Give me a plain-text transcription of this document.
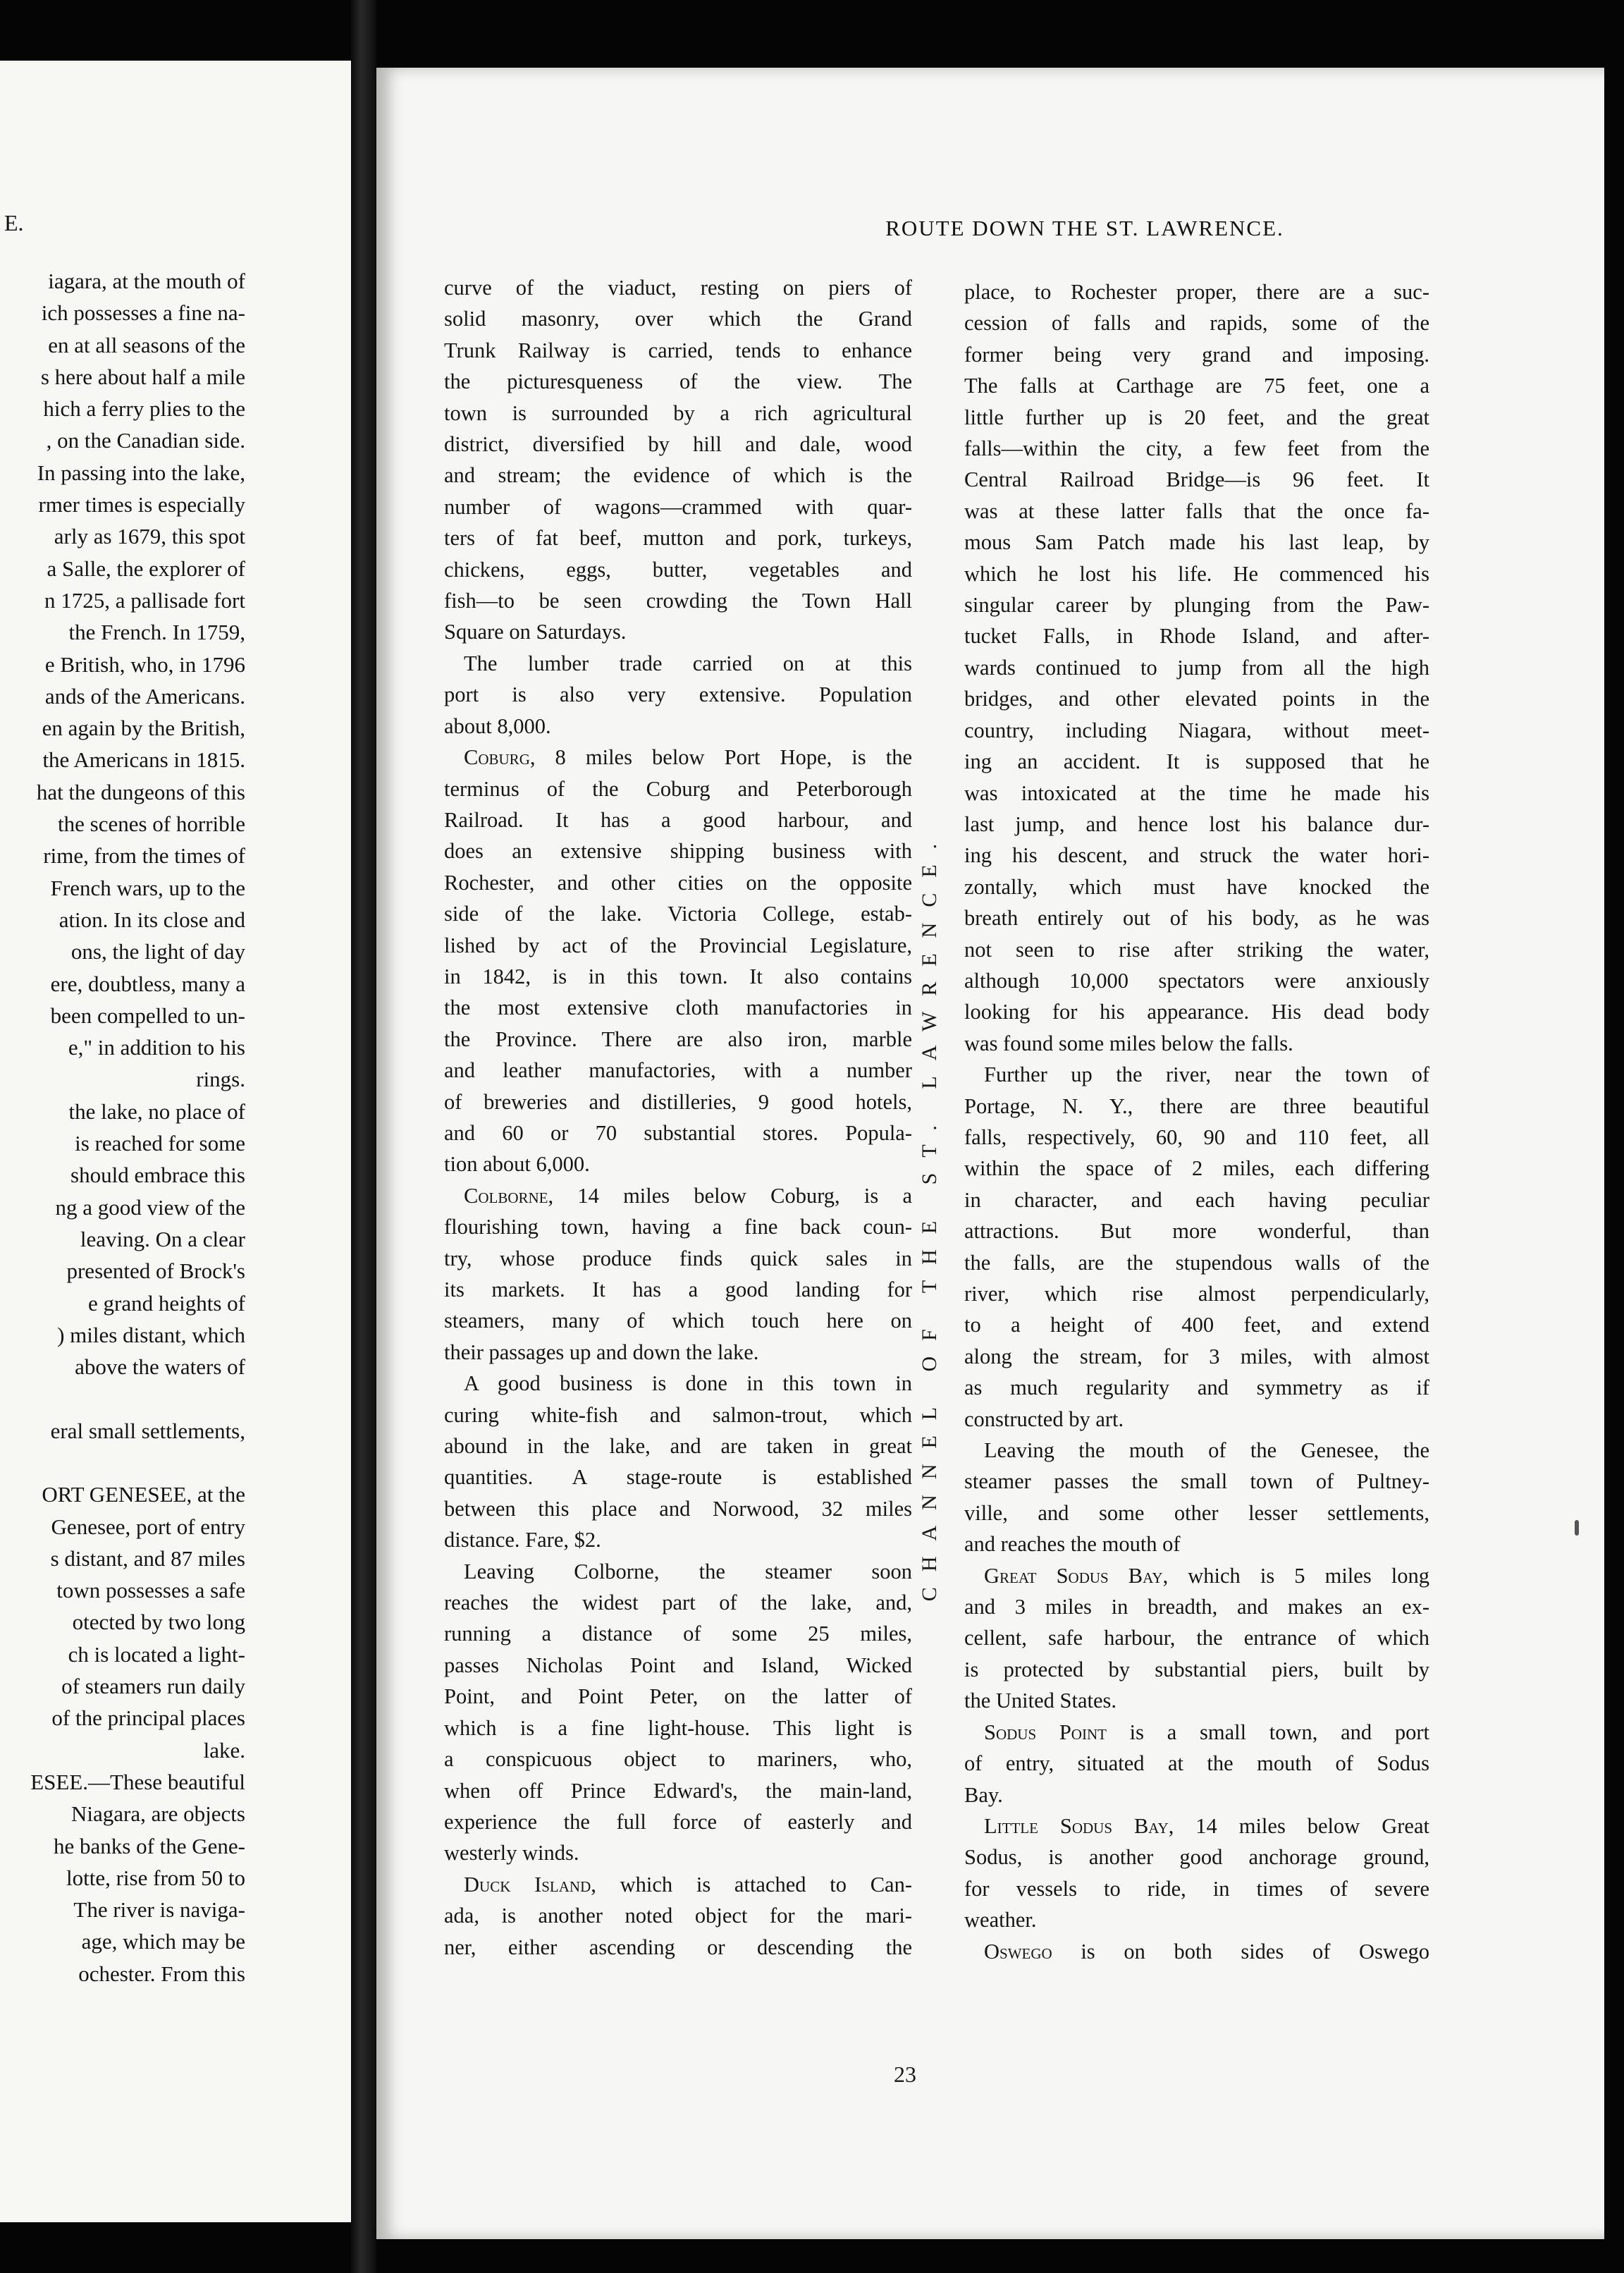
E.
iagara, at the mouth of
ich possesses a fine na-
en at all seasons of the
s here about half a mile
hich a ferry plies to the
, on the Canadian side.
In passing into the lake,
rmer times is especially
arly as 1679, this spot
a Salle, the explorer of
n 1725, a pallisade fort
the French. In 1759,
e British, who, in 1796
ands of the Americans.
en again by the British,
the Americans in 1815.
hat the dungeons of this
the scenes of horrible
rime, from the times of
French wars, up to the
ation. In its close and
ons, the light of day
ere, doubtless, many a
been compelled to un-
e," in addition to his
rings.
the lake, no place of
is reached for some
should embrace this
ng a good view of the
leaving. On a clear
presented of Brock's
e grand heights of
) miles distant, which
above the waters of

eral small settlements,

ORT GENESEE, at the
Genesee, port of entry
s distant, and 87 miles
town possesses a safe
otected by two long
ch is located a light-
of steamers run daily
of the principal places
lake.
ESEE.—These beautiful
Niagara, are objects
he banks of the Gene-
lotte, rise from 50 to
The river is naviga-
age, which may be
ochester. From this
ROUTE DOWN THE ST. LAWRENCE.
curve of the viaduct, resting on piers of
solid masonry, over which the Grand
Trunk Railway is carried, tends to enhance
the picturesqueness of the view. The
town is surrounded by a rich agricultural
district, diversified by hill and dale, wood
and stream; the evidence of which is the
number of wagons—crammed with quar-
ters of fat beef, mutton and pork, turkeys,
chickens, eggs, butter, vegetables and
fish—to be seen crowding the Town Hall
Square on Saturdays.
The lumber trade carried on at this
port is also very extensive. Population
about 8,000.
Coburg, 8 miles below Port Hope, is the
terminus of the Coburg and Peterborough
Railroad. It has a good harbour, and
does an extensive shipping business with
Rochester, and other cities on the opposite
side of the lake. Victoria College, estab-
lished by act of the Provincial Legislature,
in 1842, is in this town. It also contains
the most extensive cloth manufactories in
the Province. There are also iron, marble
and leather manufactories, with a number
of breweries and distilleries, 9 good hotels,
and 60 or 70 substantial stores. Popula-
tion about 6,000.
Colborne, 14 miles below Coburg, is a
flourishing town, having a fine back coun-
try, whose produce finds quick sales in
its markets. It has a good landing for
steamers, many of which touch here on
their passages up and down the lake.
A good business is done in this town in
curing white-fish and salmon-trout, which
abound in the lake, and are taken in great
quantities. A stage-route is established
between this place and Norwood, 32 miles
distance. Fare, $2.
Leaving Colborne, the steamer soon
reaches the widest part of the lake, and,
running a distance of some 25 miles,
passes Nicholas Point and Island, Wicked
Point, and Point Peter, on the latter of
which is a fine light-house. This light is
a conspicuous object to mariners, who,
when off Prince Edward's, the main-land,
experience the full force of easterly and
westerly winds.
Duck Island, which is attached to Can-
ada, is another noted object for the mari-
ner, either ascending or descending the
CHANNEL OF THE ST. LAWRENCE.
place, to Rochester proper, there are a suc-
cession of falls and rapids, some of the
former being very grand and imposing.
The falls at Carthage are 75 feet, one a
little further up is 20 feet, and the great
falls—within the city, a few feet from the
Central Railroad Bridge—is 96 feet. It
was at these latter falls that the once fa-
mous Sam Patch made his last leap, by
which he lost his life. He commenced his
singular career by plunging from the Paw-
tucket Falls, in Rhode Island, and after-
wards continued to jump from all the high
bridges, and other elevated points in the
country, including Niagara, without meet-
ing an accident. It is supposed that he
was intoxicated at the time he made his
last jump, and hence lost his balance dur-
ing his descent, and struck the water hori-
zontally, which must have knocked the
breath entirely out of his body, as he was
not seen to rise after striking the water,
although 10,000 spectators were anxiously
looking for his appearance. His dead body
was found some miles below the falls.
Further up the river, near the town of
Portage, N. Y., there are three beautiful
falls, respectively, 60, 90 and 110 feet, all
within the space of 2 miles, each differing
in character, and each having peculiar
attractions. But more wonderful, than
the falls, are the stupendous walls of the
river, which rise almost perpendicularly,
to a height of 400 feet, and extend
along the stream, for 3 miles, with almost
as much regularity and symmetry as if
constructed by art.
Leaving the mouth of the Genesee, the
steamer passes the small town of Pultney-
ville, and some other lesser settlements,
and reaches the mouth of
Great Sodus Bay, which is 5 miles long
and 3 miles in breadth, and makes an ex-
cellent, safe harbour, the entrance of which
is protected by substantial piers, built by
the United States.
Sodus Point is a small town, and port
of entry, situated at the mouth of Sodus
Bay.
Little Sodus Bay, 14 miles below Great
Sodus, is another good anchorage ground,
for vessels to ride, in times of severe
weather.
Oswego is on both sides of Oswego
23
